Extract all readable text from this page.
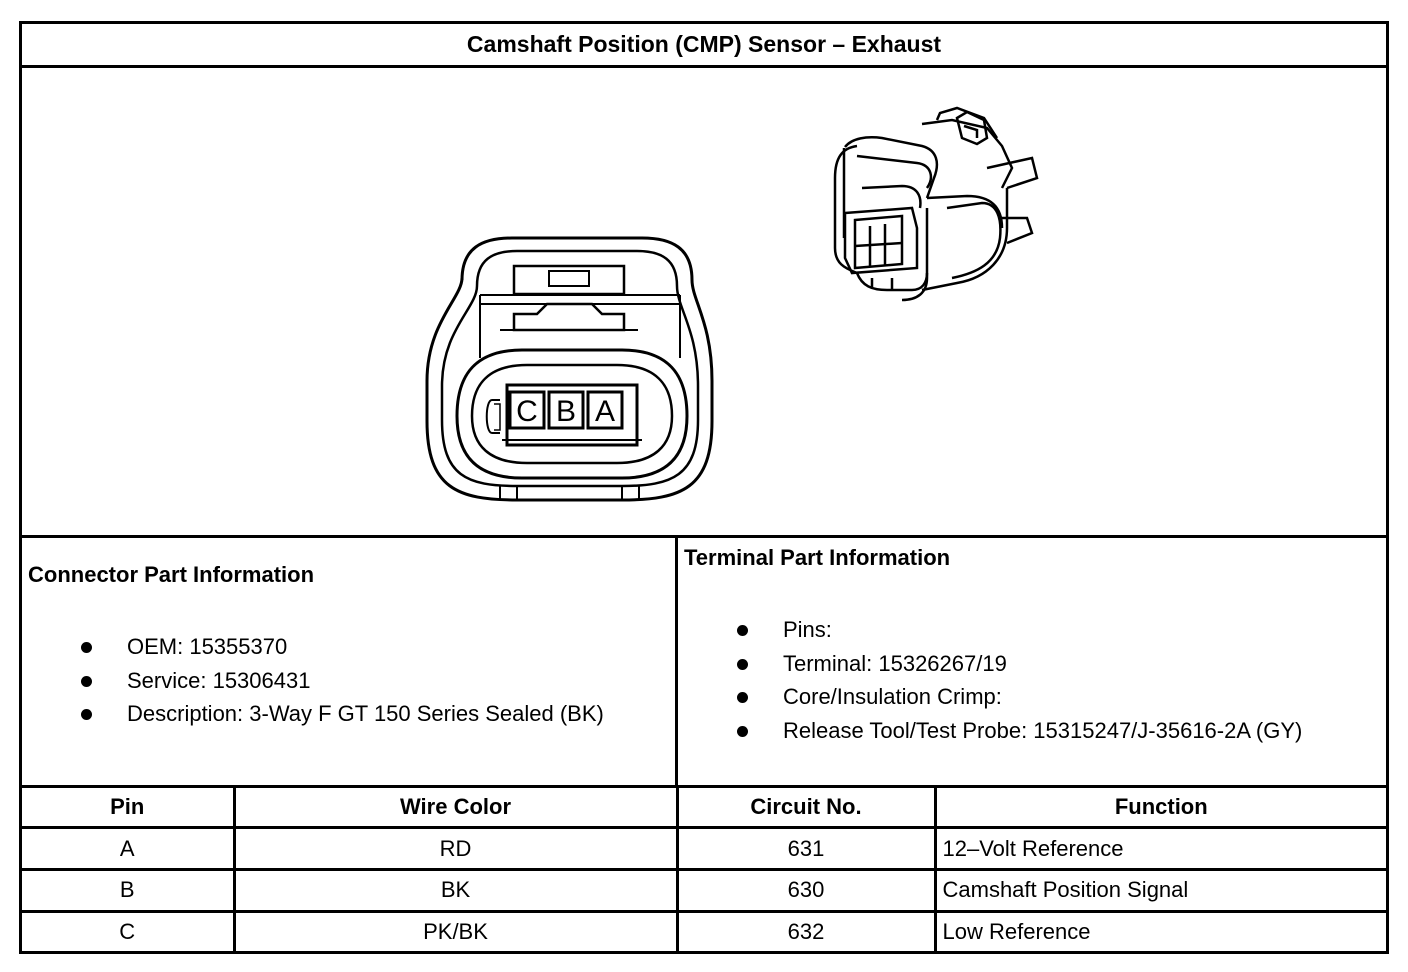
Camshaft Position (CMP) Sensor – Exhaust
C B A
Connector Part Information
OEM: 15355370
Service: 15306431
Description: 3-Way F GT 150 Series Sealed (BK)
Terminal Part Information
Pins:
Terminal: 15326267/19
Core/Insulation Crimp:
Release Tool/Test Probe: 15315247/J-35616-2A (GY)
Pin	Wire Color	Circuit No.	Function
A	RD	631	12–Volt Reference
B	BK	630	Camshaft Position Signal
C	PK/BK	632	Low Reference
